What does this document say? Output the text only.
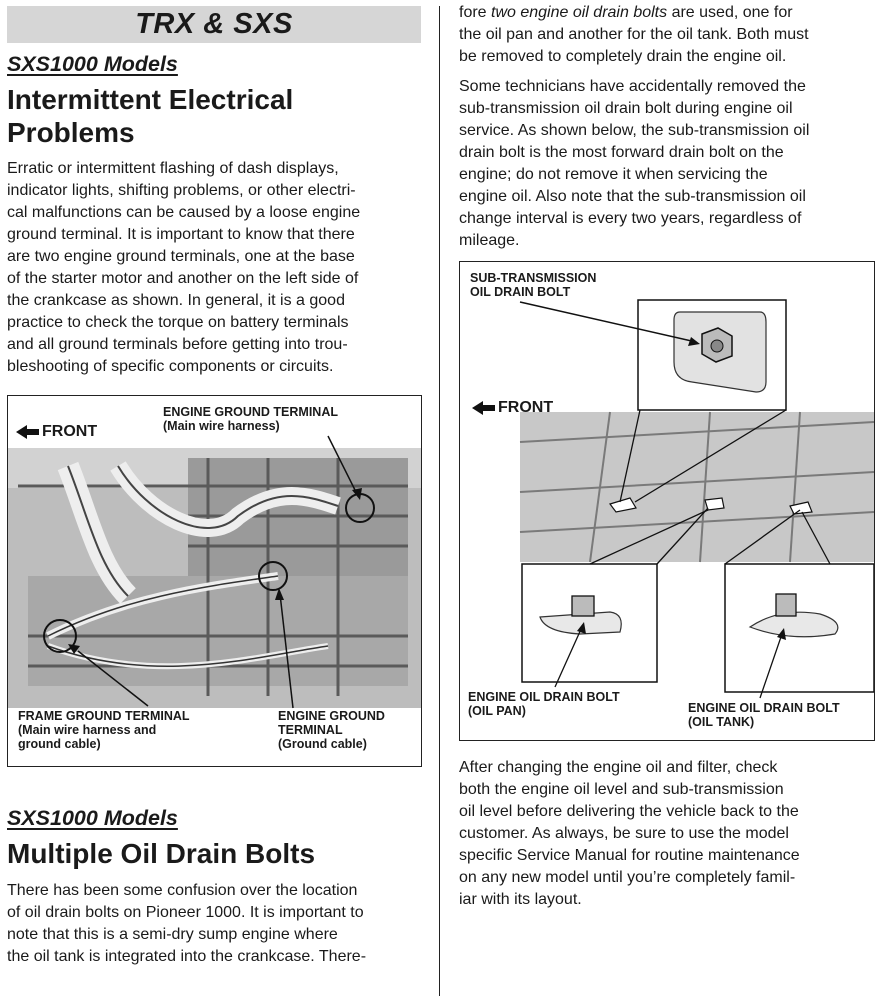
TRX & SXS

SXS1000 Models

Intermittent Electrical
Problems
Erratic or intermittent flashing of dash displays,
indicator lights, shifting problems, or other electri-
cal malfunctions can be caused by a loose engine
ground terminal. It is important to know that there
are two engine ground terminals, one at the base
of the starter motor and another on the left side of
the crankcase as shown. In general, it is a good
practice to check the torque on battery terminals
and all ground terminals before getting into trou-
bleshooting of specific components or circuits.
FRONT
ENGINE GROUND TERMINAL
(Main wire harness)
FRAME GROUND TERMINAL
(Main wire harness and
ground cable)
ENGINE GROUND
TERMINAL
(Ground cable)

SXS1000 Models

Multiple Oil Drain Bolts
There has been some confusion over the location
of oil drain bolts on Pioneer 1000. It is important to
note that this is a semi-dry sump engine where
the oil tank is integrated into the crankcase. There-
fore two engine oil drain bolts are used, one for
the oil pan and another for the oil tank. Both must
be removed to completely drain the engine oil.
Some technicians have accidentally removed the
sub-transmission oil drain bolt during engine oil
service. As shown below, the sub-transmission oil
drain bolt is the most forward drain bolt on the
engine; do not remove it when servicing the
engine oil. Also note that the sub-transmission oil
change interval is every two years, regardless of
mileage.
SUB-TRANSMISSION
OIL DRAIN BOLT
FRONT
ENGINE OIL DRAIN BOLT
(OIL PAN)	ENGINE OIL DRAIN BOLT
(OIL TANK)
After changing the engine oil and filter, check
both the engine oil level and sub-transmission
oil level before delivering the vehicle back to the
customer. As always, be sure to use the model
specific Service Manual for routine maintenance
on any new model until you’re completely famil-
iar with its layout.
